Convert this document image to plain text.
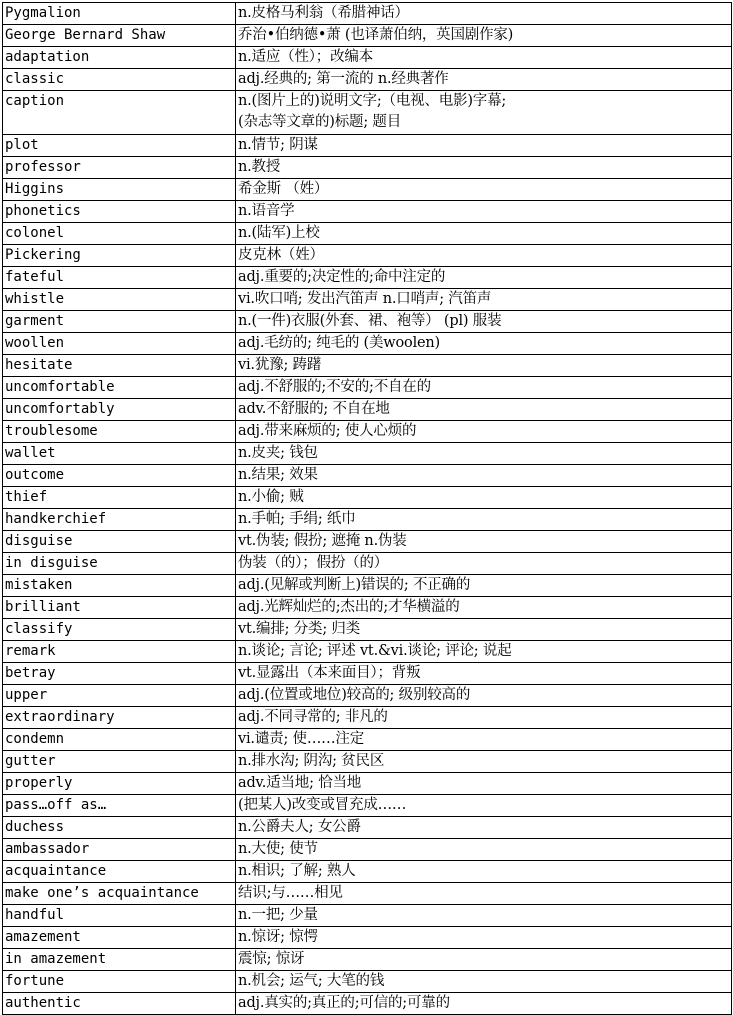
Pygmalion	n.皮格马利翁（希腊神话）

George Bernard Shaw	乔治•伯纳德•萧 (也译萧伯纳，英国剧作家)

adaptation	n.适应（性）；改编本

classic	adj.经典的; 第一流的 n.经典著作

caption	n.(图片上的)说明文字;（电视、电影)字幕;
(杂志等文章的)标题; 题目

plot	n.情节; 阴谋

professor	n.教授

Higgins	希金斯 （姓）

phonetics	n.语音学

colonel	n.(陆军)上校

Pickering	皮克林（姓）

fateful	adj.重要的;决定性的;命中注定的

whistle	vi.吹口哨; 发出汽笛声 n.口哨声; 汽笛声

garment	n.(一件)衣服(外套、裙、袍等） (pl) 服装

woollen	adj.毛纺的; 纯毛的 (美woolen)

hesitate	vi.犹豫; 踌躇

uncomfortable	adj.不舒服的;不安的;不自在的

uncomfortably	adv.不舒服的; 不自在地

troublesome	adj.带来麻烦的; 使人心烦的

wallet	n.皮夹; 钱包

outcome	n.结果; 效果

thief	n.小偷; 贼

handkerchief	n.手帕; 手绢; 纸巾

disguise	vt.伪装; 假扮; 遮掩 n.伪装

in disguise	伪装（的）；假扮（的）

mistaken	adj.(见解或判断上)错误的; 不正确的

brilliant	adj.光辉灿烂的;杰出的;才华横溢的

classify	vt.编排; 分类; 归类

remark	n.谈论; 言论; 评述 vt.&vi.谈论; 评论; 说起

betray	vt.显露出（本来面目）；背叛

upper	adj.(位置或地位)较高的; 级别较高的

extraordinary	adj.不同寻常的; 非凡的

condemn	vi.谴责; 使……注定

gutter	n.排水沟; 阴沟; 贫民区

properly	adv.适当地; 恰当地

pass…off as…	(把某人)改变或冒充成……

duchess	n.公爵夫人; 女公爵

ambassador	n.大使; 使节

acquaintance	n.相识; 了解; 熟人

make one’s acquaintance	结识;与……相见

handful	n.一把; 少量

amazement	n.惊讶; 惊愕

in amazement	震惊; 惊讶

fortune	n.机会; 运气; 大笔的钱

authentic	adj.真实的;真正的;可信的;可靠的
